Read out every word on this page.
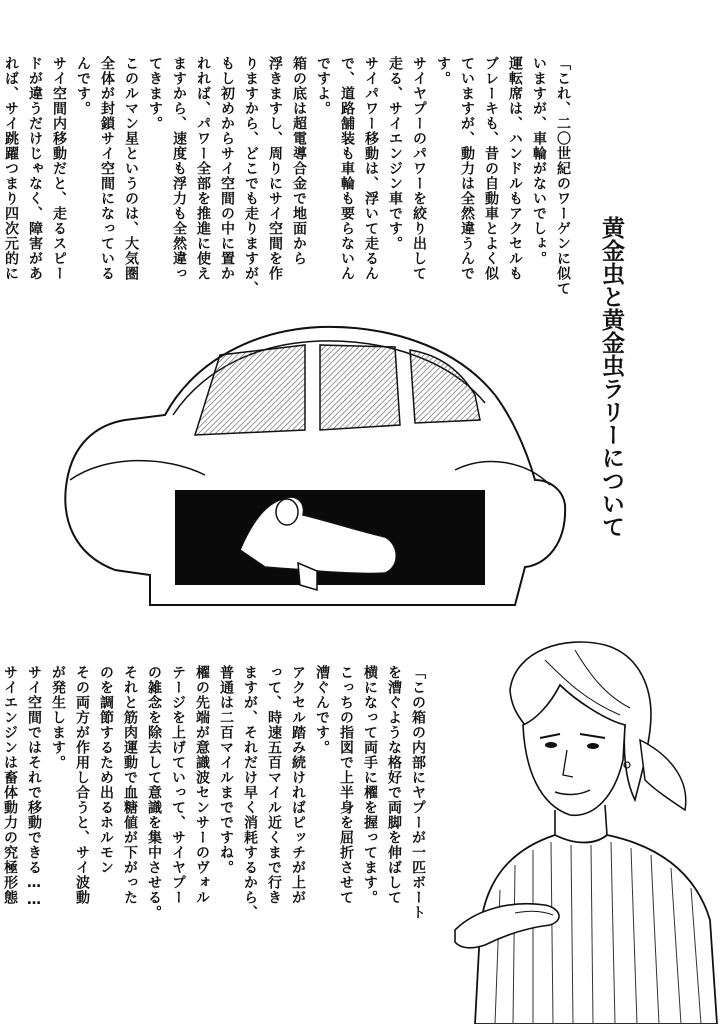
黄金虫と黄金虫ラリーについて
「これ、二〇世紀のワーゲンに似て
いますが、車輪がないでしょ。
運転席は、ハンドルもアクセルも
ブレーキも、昔の自動車とよく似
ていますが、動力は全然違うんで
す。
サイヤプーのパワーを絞り出して
走る、サイエンジン車です。
サイパワー移動は、浮いて走るん
で、道路舗装も車輪も要らないん
ですよ。
箱の底は超電導合金で地面から
浮きますし、周りにサイ空間を作
りますから、どこでも走りますが、
もし初めからサイ空間の中に置か
れれば、パワー全部を推進に使え
ますから、速度も浮力も全然違っ
てきます。
このルマン星というのは、大気圏
全体が封鎖サイ空間になっている
んです。
サイ空間内移動だと、走るスピー
ドが違うだけじゃなく、障害があ
れば、サイ跳躍つまり四次元的に

「この箱の内部にヤプーが一匹ボート
を漕ぐような格好で両脚を伸ばして
横になって両手に櫂を握ってます。
こっちの指図で上半身を屈折させて
漕ぐんです。
アクセル踏み続ければピッチが上が
って、時速五百マイル近くまで行き
ますが、それだけ早く消耗するから、
普通は二百マイルまでですね。
櫂の先端が意識波センサーのヴォル
テージを上げていって、サイヤプー
の雑念を除去して意識を集中させる。
それと筋肉運動で血糖値が下がった
のを調節するため出るホルモン
その両方が作用し合うと、サイ波動
が発生します。
サイ空間ではそれで移動できる……
サイエンジンは畜体動力の究極形態
